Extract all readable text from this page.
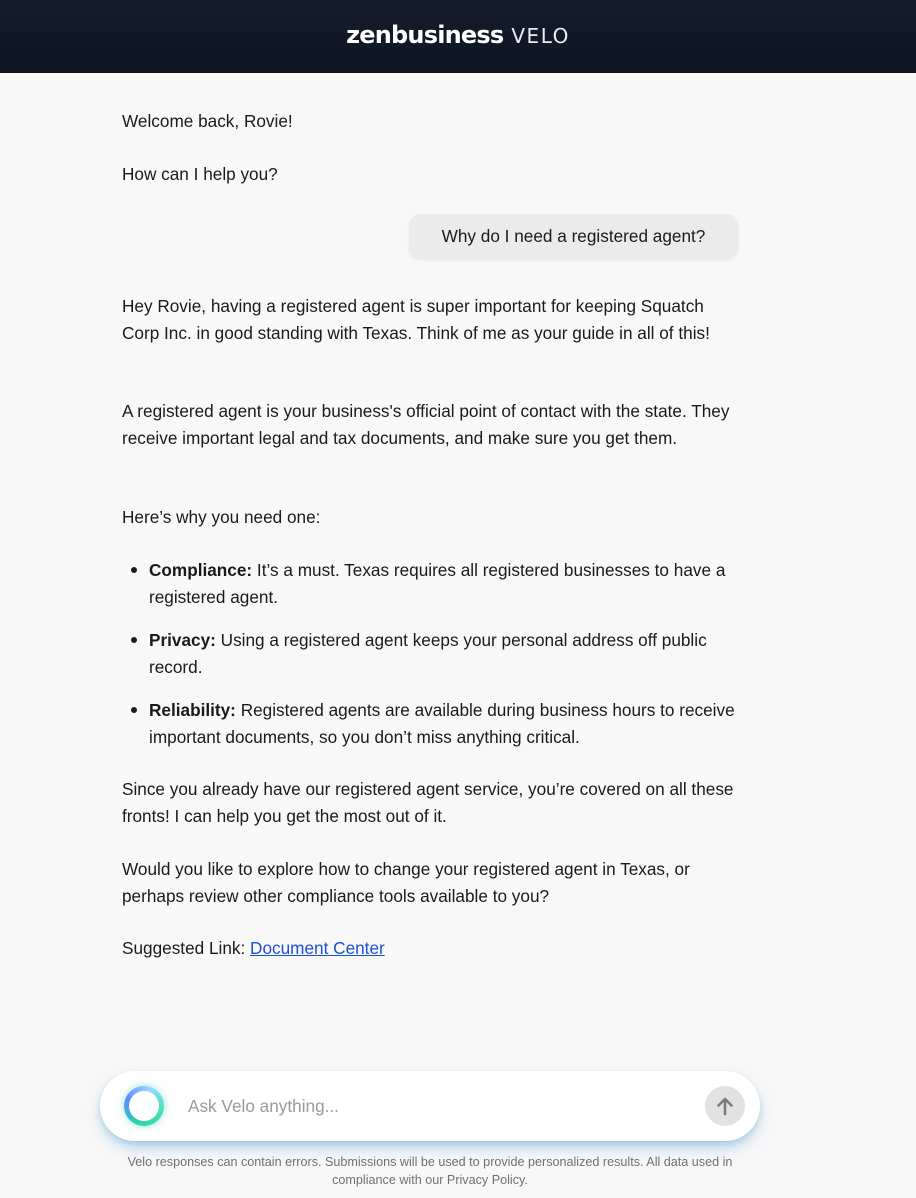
zenbusiness VELO

Welcome back, Rovie!

How can I help you?

Why do I need a registered agent?

Hey Rovie, having a registered agent is super important for keeping Squatch Corp Inc. in good standing with Texas. Think of me as your guide in all of this!

A registered agent is your business's official point of contact with the state. They receive important legal and tax documents, and make sure you get them.

Here’s why you need one:

Compliance: It’s a must. Texas requires all registered businesses to have a registered agent.
Privacy: Using a registered agent keeps your personal address off public record.
Reliability: Registered agents are available during business hours to receive important documents, so you don’t miss anything critical.

Since you already have our registered agent service, you’re covered on all these fronts! I can help you get the most out of it.

Would you like to explore how to change your registered agent in Texas, or perhaps review other compliance tools available to you?

Suggested Link: Document Center

Ask Velo anything...

Velo responses can contain errors. Submissions will be used to provide personalized results. All data used in compliance with our Privacy Policy.
